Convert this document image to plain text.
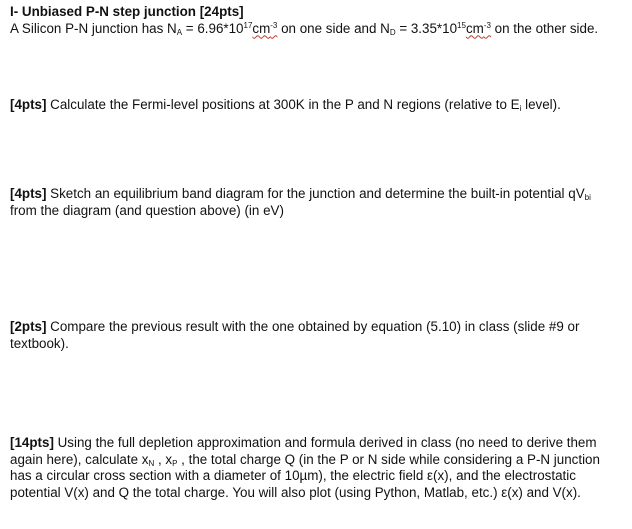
I- Unbiased P-N step junction [24pts]
A Silicon P-N junction has $N_A = 6.96*10^{17}cm^{-3}$ on one side and $N_D = 3.35*10^{15}cm^{-3}$ on the other side.
[4pts] Calculate the Fermi-level positions at 300K in the P and N regions (relative to $E_i$ level).
[4pts] Sketch an equilibrium band diagram for the junction and determine the built-in potential $qV_{bi}$ from the diagram (and question above) (in eV)
[2pts] Compare the previous result with the one obtained by equation (5.10) in class (slide #9 or textbook).
[14pts] Using the full depletion approximation and formula derived in class (no need to derive them again here), calculate $x_N$ , $x_P$ , the total charge Q (in the P or N side while considering a P-N junction has a circular cross section with a diameter of 10µm), the electric field ε(x), and the electrostatic potential V(x) and Q the total charge. You will also plot (using Python, Matlab, etc.) ε(x) and V(x).
